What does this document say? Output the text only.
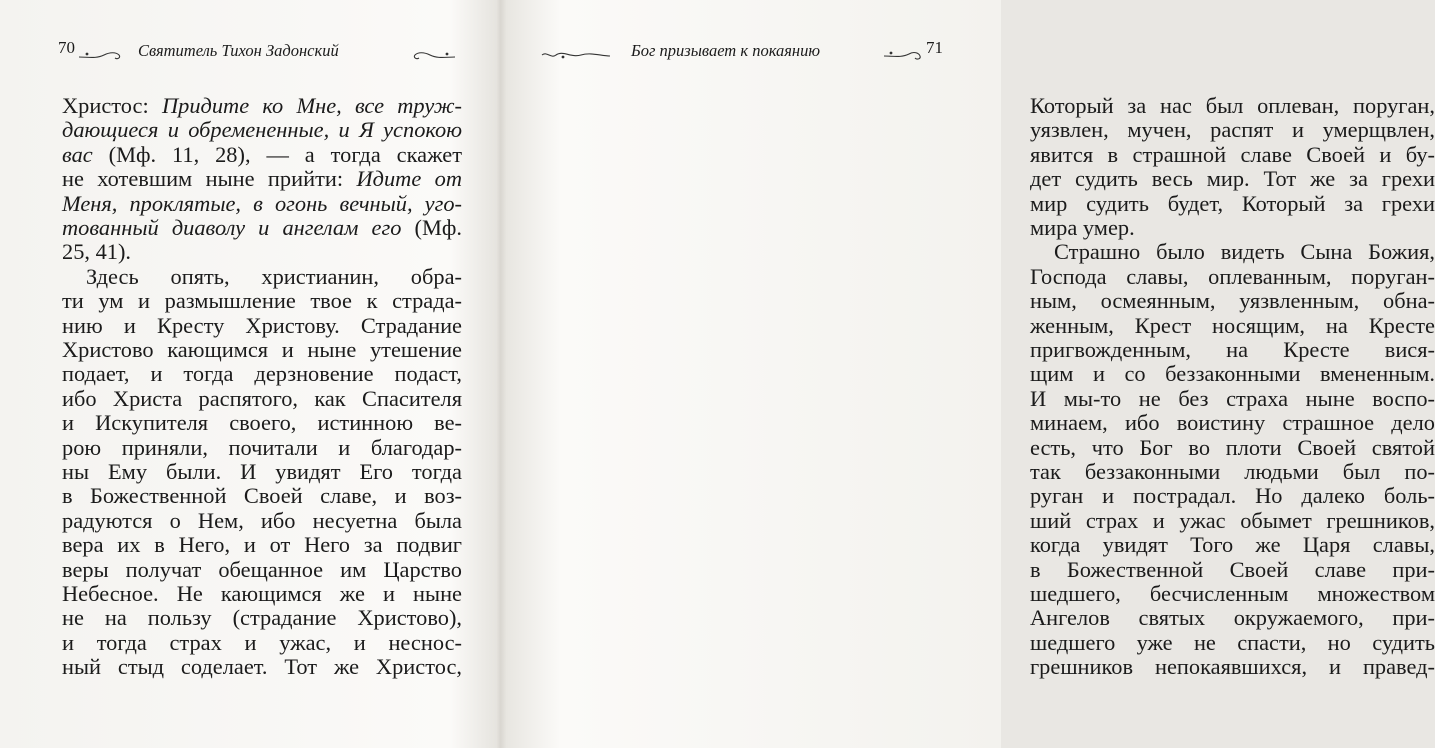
70	Святитель Тихон Задонский	Бог призывает к покаянию	71
Христос: Придите ко Мне, все труж-
дающиеся и обремененные, и Я успокою
вас (Мф. 11, 28), — а тогда скажет
не хотевшим ныне прийти: Идите от
Меня, проклятые, в огонь вечный, уго-
тованный диаволу и ангелам его (Мф.
25, 41).
Здесь опять, христианин, обра-
ти ум и размышление твое к страда-
нию и Кресту Христову. Страдание
Христово кающимся и ныне утешение
подает, и тогда дерзновение подаст,
ибо Христа распятого, как Спасителя
и Искупителя своего, истинною ве-
рою приняли, почитали и благодар-
ны Ему были. И увидят Его тогда
в Божественной Своей славе, и воз-
радуются о Нем, ибо несуетна была
вера их в Него, и от Него за подвиг
веры получат обещанное им Царство
Небесное. Не кающимся же и ныне
не на пользу (страдание Христово),
и тогда страх и ужас, и неснос-
ный стыд соделает. Тот же Христос,
Который за нас был оплеван, поруган,
уязвлен, мучен, распят и умерщвлен,
явится в страшной славе Своей и бу-
дет судить весь мир. Тот же за грехи
мир судить будет, Который за грехи
мира умер.
Страшно было видеть Сына Божия,
Господа славы, оплеванным, поруган-
ным, осмеянным, уязвленным, обна-
женным, Крест носящим, на Кресте
пригвожденным, на Кресте вися-
щим и со беззаконными вмененным.
И мы-то не без страха ныне воспо-
минаем, ибо воистину страшное дело
есть, что Бог во плоти Своей святой
так беззаконными людьми был по-
руган и пострадал. Но далеко боль-
ший страх и ужас обымет грешников,
когда увидят Того же Царя славы,
в Божественной Своей славе при-
шедшего, бесчисленным множеством
Ангелов святых окружаемого, при-
шедшего уже не спасти, но судить
грешников непокаявшихся, и правед-
